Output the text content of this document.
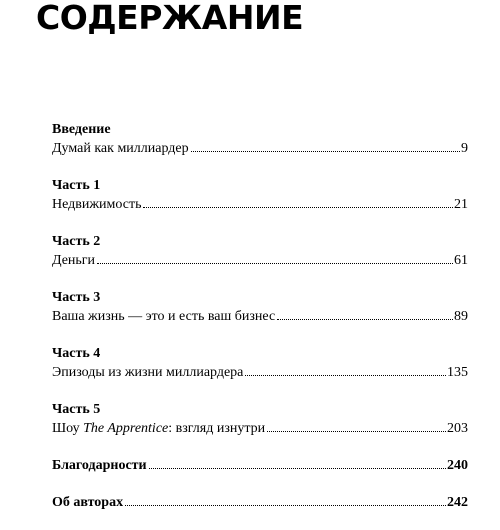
СОДЕРЖАНИЕ
Введение
Думай как миллиардер	9
Часть 1
Недвижимость	21
Часть 2
Деньги	61
Часть 3
Ваша жизнь — это и есть ваш бизнес	89
Часть 4
Эпизоды из жизни миллиардера	135
Часть 5
Шоу The Apprentice: взгляд изнутри	203
Благодарности	240
Об авторах	242
